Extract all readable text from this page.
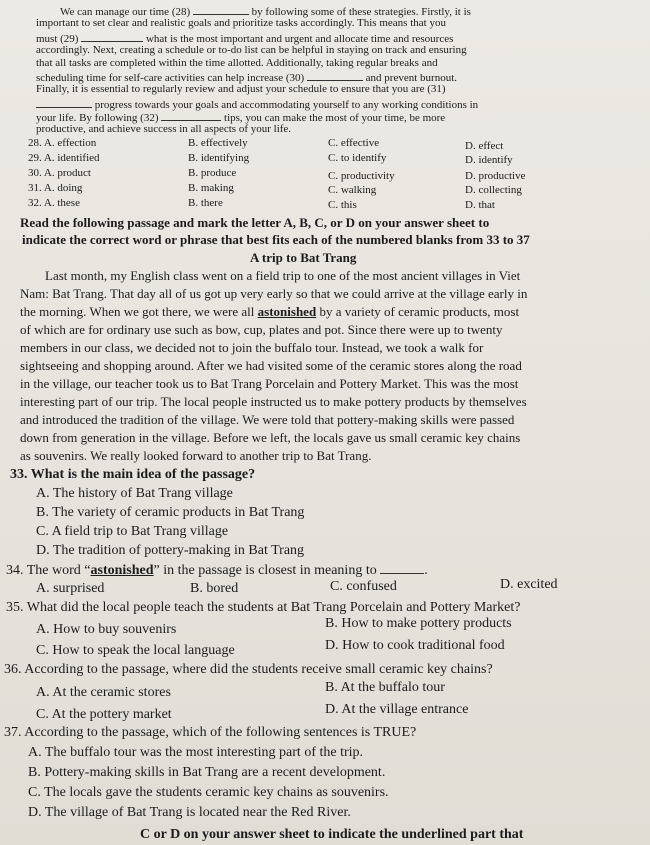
We can manage our time (28)	by following some of these strategies. Firstly, it is
important to set clear and realistic goals and prioritize tasks accordingly. This means that you
must (29)	what is the most important and urgent and allocate time and resources
accordingly. Next, creating a schedule or to-do list can be helpful in staying on track and ensuring
that all tasks are completed within the time allotted. Additionally, taking regular breaks and
scheduling time for self-care activities can help increase (30)	and prevent burnout.
Finally, it is essential to regularly review and adjust your schedule to ensure that you are (31)
progress towards your goals and accommodating yourself to any working conditions in
your life. By following (32)	tips, you can make the most of your time, be more
productive, and achieve success in all aspects of your life.
28. A. effection	B. effectively	C. effective	D. effect
29. A. identified	B. identifying	C. to identify	D. identify
30. A. product	B. produce	C. productivity	D. productive
31. A. doing	B. making	C. walking	D. collecting
32. A. these	B. there	C. this	D. that
Read the following passage and mark the letter A, B, C, or D on your answer sheet to
indicate the correct word or phrase that best fits each of the numbered blanks from 33 to 37
A trip to Bat Trang
Last month, my English class went on a field trip to one of the most ancient villages in Viet
Nam: Bat Trang. That day all of us got up very early so that we could arrive at the village early in
the morning. When we got there, we were all astonished by a variety of ceramic products, most
of which are for ordinary use such as bow, cup, plates and pot. Since there were up to twenty
members in our class, we decided not to join the buffalo tour. Instead, we took a walk for
sightseeing and shopping around. After we had visited some of the ceramic stores along the road
in the village, our teacher took us to Bat Trang Porcelain and Pottery Market. This was the most
interesting part of our trip. The local people instructed us to make pottery products by themselves
and introduced the tradition of the village. We were told that pottery-making skills were passed
down from generation in the village. Before we left, the locals gave us small ceramic key chains
as souvenirs. We really looked forward to another trip to Bat Trang.
33. What is the main idea of the passage?
A. The history of Bat Trang village
B. The variety of ceramic products in Bat Trang
C. A field trip to Bat Trang village
D. The tradition of pottery-making in Bat Trang
34. The word “astonished” in the passage is closest in meaning to	.
A. surprised	B. bored	C. confused	D. excited
35. What did the local people teach the students at Bat Trang Porcelain and Pottery Market?
A. How to buy souvenirs	B. How to make pottery products
C. How to speak the local language	D. How to cook traditional food
36. According to the passage, where did the students receive small ceramic key chains?
A. At the ceramic stores	B. At the buffalo tour
C. At the pottery market	D. At the village entrance
37. According to the passage, which of the following sentences is TRUE?
A. The buffalo tour was the most interesting part of the trip.
B. Pottery-making skills in Bat Trang are a recent development.
C. The locals gave the students ceramic key chains as souvenirs.
D. The village of Bat Trang is located near the Red River.
C or D on your answer sheet to indicate the underlined part that
